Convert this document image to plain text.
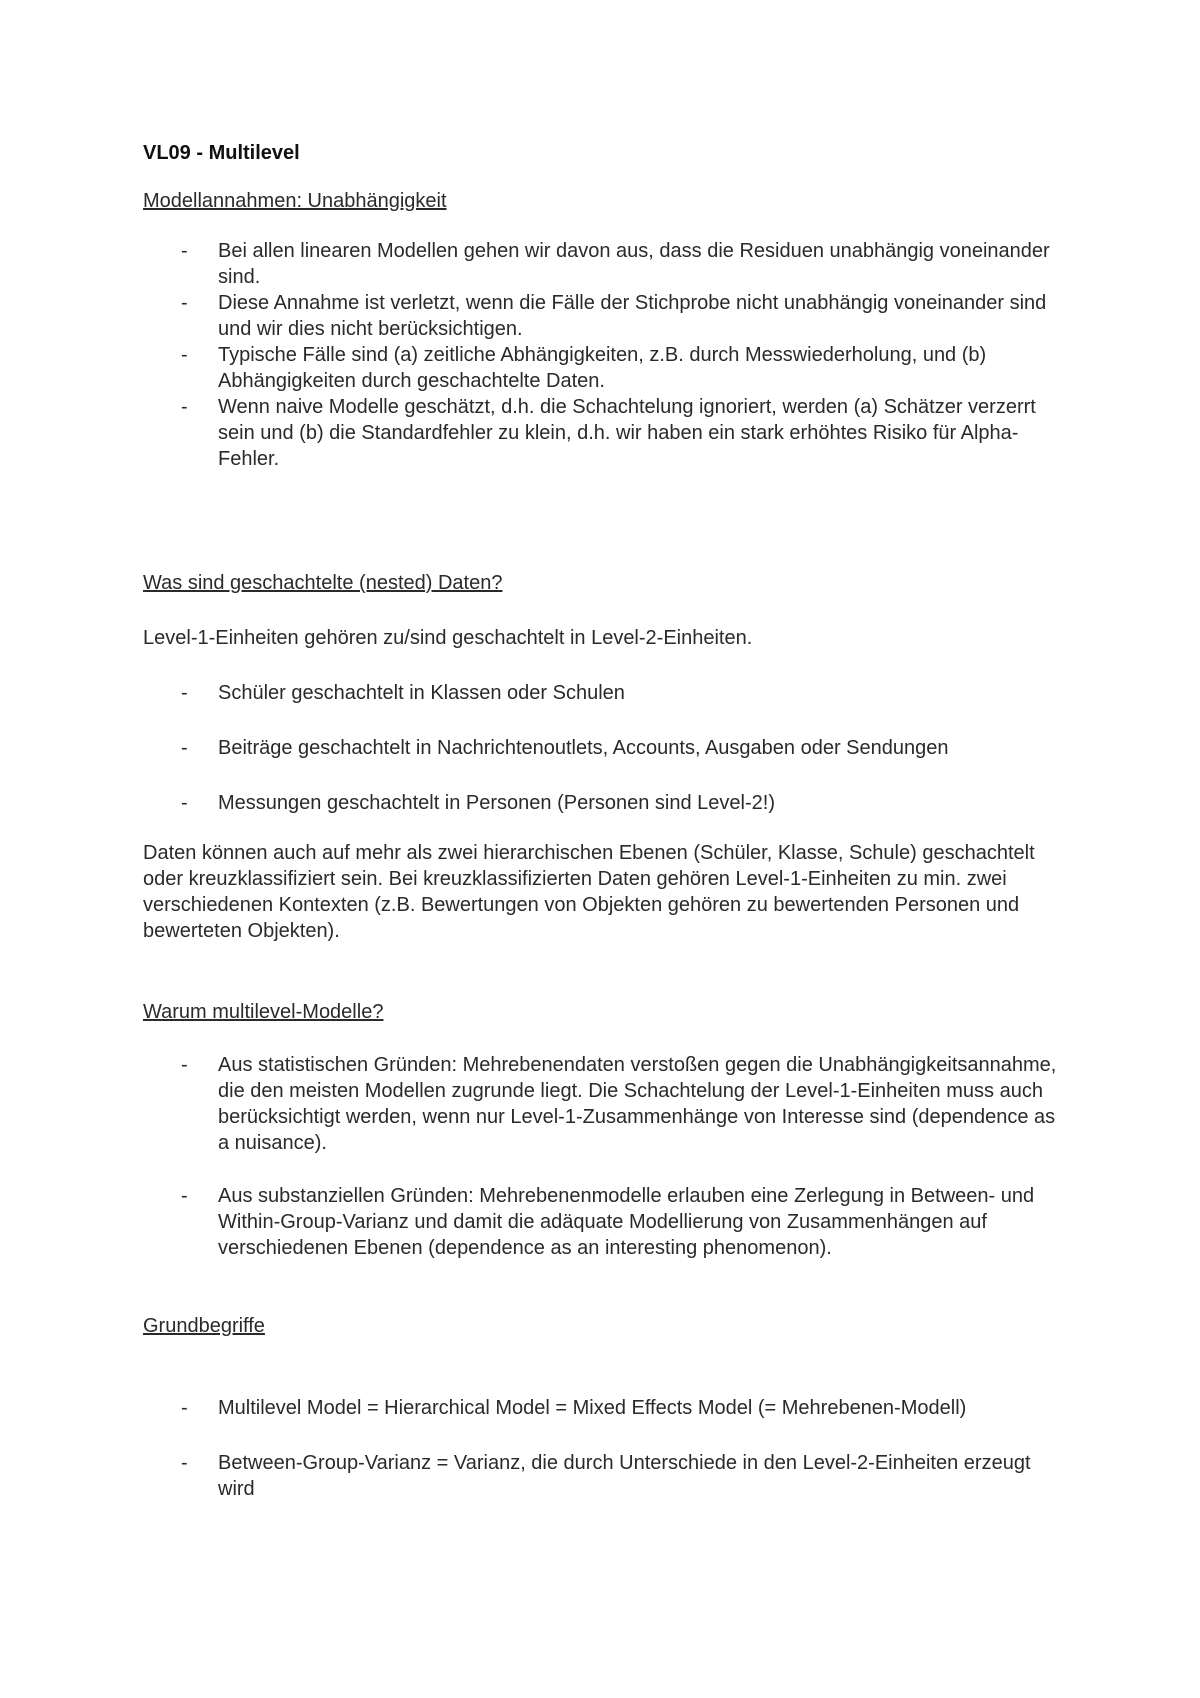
VL09 - Multilevel

Modellannahmen: Unabhängigkeit

- Bei allen linearen Modellen gehen wir davon aus, dass die Residuen unabhängig voneinander sind.
- Diese Annahme ist verletzt, wenn die Fälle der Stichprobe nicht unabhängig voneinander sind und wir dies nicht berücksichtigen.
- Typische Fälle sind (a) zeitliche Abhängigkeiten, z.B. durch Messwiederholung, und (b) Abhängigkeiten durch geschachtelte Daten.
- Wenn naive Modelle geschätzt, d.h. die Schachtelung ignoriert, werden (a) Schätzer verzerrt sein und (b) die Standardfehler zu klein, d.h. wir haben ein stark erhöhtes Risiko für Alpha-Fehler.

Was sind geschachtelte (nested) Daten?

Level-1-Einheiten gehören zu/sind geschachtelt in Level-2-Einheiten.

- Schüler geschachtelt in Klassen oder Schulen
- Beiträge geschachtelt in Nachrichtenoutlets, Accounts, Ausgaben oder Sendungen
- Messungen geschachtelt in Personen (Personen sind Level-2!)

Daten können auch auf mehr als zwei hierarchischen Ebenen (Schüler, Klasse, Schule) geschachtelt oder kreuzklassifiziert sein. Bei kreuzklassifizierten Daten gehören Level-1-Einheiten zu min. zwei verschiedenen Kontexten (z.B. Bewertungen von Objekten gehören zu bewertenden Personen und bewerteten Objekten).

Warum multilevel-Modelle?

- Aus statistischen Gründen: Mehrebenendaten verstoßen gegen die Unabhängigkeitsannahme, die den meisten Modellen zugrunde liegt. Die Schachtelung der Level-1-Einheiten muss auch berücksichtigt werden, wenn nur Level-1-Zusammenhänge von Interesse sind (dependence as a nuisance).
- Aus substanziellen Gründen: Mehrebenenmodelle erlauben eine Zerlegung in Between- und Within-Group-Varianz und damit die adäquate Modellierung von Zusammenhängen auf verschiedenen Ebenen (dependence as an interesting phenomenon).

Grundbegriffe

- Multilevel Model = Hierarchical Model = Mixed Effects Model (= Mehrebenen-Modell)
- Between-Group-Varianz = Varianz, die durch Unterschiede in den Level-2-Einheiten erzeugt wird
